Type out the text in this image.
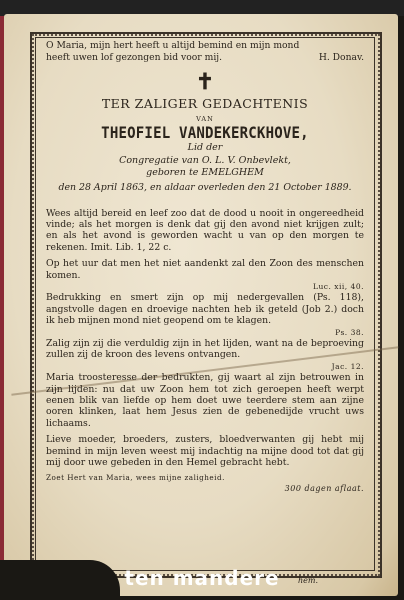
O Maria, mijn hert heeft u altijd bemind en mijn mond
heeft uwen lof gezongen bid voor mij.	H. Donav.
✝
TER ZALIGER GEDACHTENIS
VAN
THEOFIEL VANDEKERCKHOVE,
Lid der
Congregatie van O. L. V. Onbevlekt,
geboren te EMELGHEM
den 28 April 1863, en aldaar overleden den 21 October 1889.

Wees altijd bereid en leef zoo dat de dood u nooit in ongereedheid vinde; als het morgen is denk dat gij den avond niet krijgen zult; en als het avond is geworden wacht u van op den morgen te rekenen. Imit. Lib. 1, 22 c.

Op het uur dat men het niet aandenkt zal den Zoon des menschen komen.

Luc. xii, 40.

Bedrukking en smert zijn op mij nedergevallen (Ps. 118), angstvolle dagen en droevige nachten heb ik geteld (Job 2.) doch ik heb mijnen mond niet geopend om te klagen.

Ps. 38.

Zalig zijn zij die verduldig zijn in het lijden, want na de beproeving zullen zij de kroon des levens ontvangen.

Jac. 12.

Maria troosteresse der bedrukten, gij waart al zijn betrouwen in zijn lijden: nu dat uw Zoon hem tot zich geroepen heeft werpt eenen blik van liefde op hem doet uwe teerdere stem aan zijne ooren klinken, laat hem Jesus zien de gebenedijde vrucht uws lichaams.

Lieve moeder, broeders, zusters, bloedverwanten gij hebt mij bemind in mijn leven weest mij indachtig na mijne dood tot dat gij mij door uwe gebeden in den Hemel gebracht hebt.

Zoet Hert van Maria, wees mijne zaligheid.
300 dagen aflaat.
hem.
ten mandere
